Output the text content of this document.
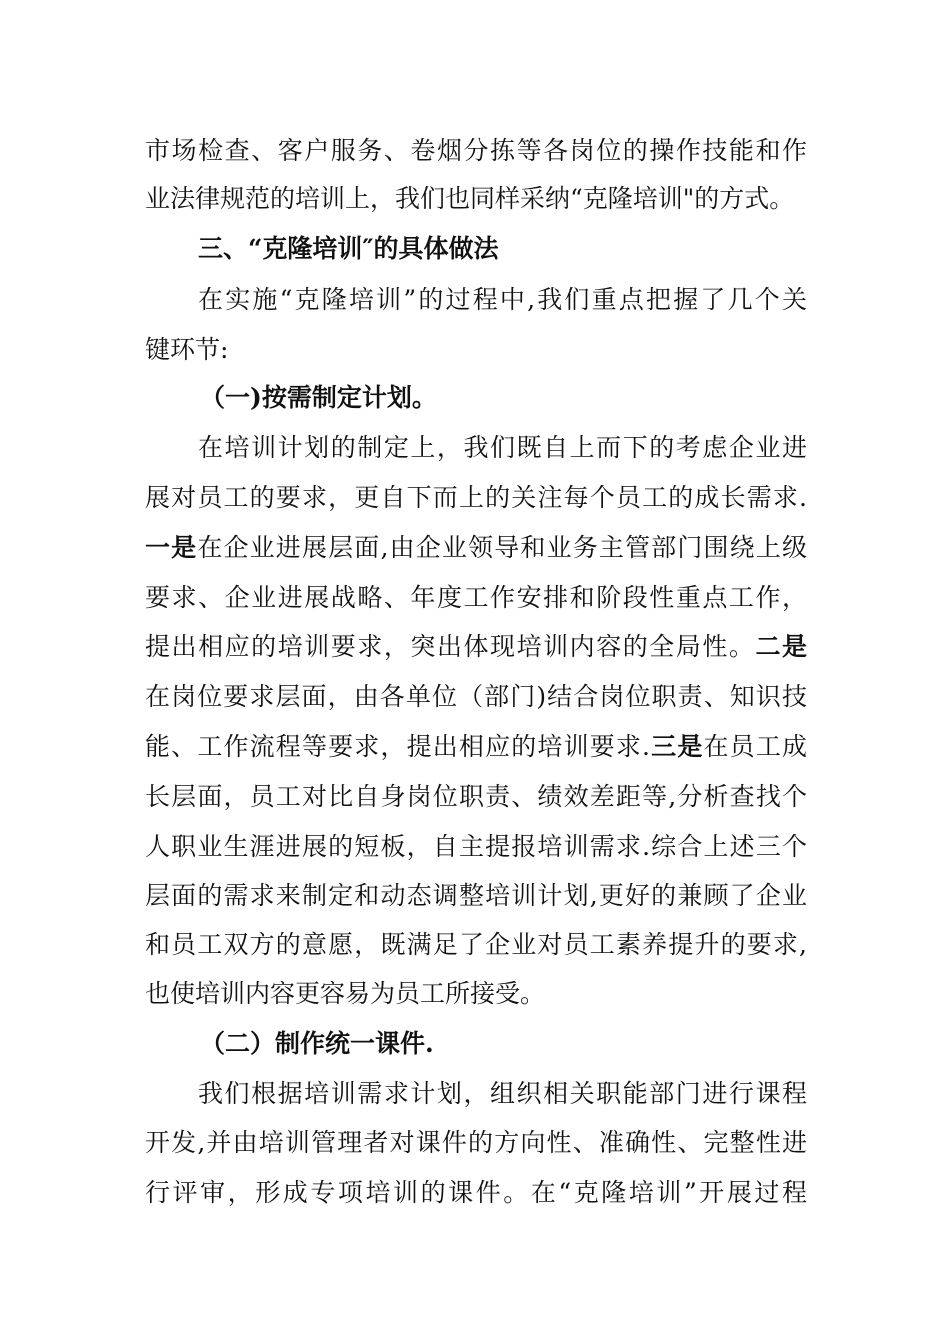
市场检查、客户服务、卷烟分拣等各岗位的操作技能和作
业法律规范的培训上，我们也同样采纳“克隆培训"的方式。
三、“克隆培训″的具体做法
在实施“克隆培训”的过程中,我们重点把握了几个关
键环节:
（一)按需制定计划。
在培训计划的制定上，我们既自上而下的考虑企业进
展对员工的要求，更自下而上的关注每个员工的成长需求.
一是在企业进展层面,由企业领导和业务主管部门围绕上级
要求、企业进展战略、年度工作安排和阶段性重点工作，
提出相应的培训要求，突出体现培训内容的全局性。二是
在岗位要求层面，由各单位（部门)结合岗位职责、知识技
能、工作流程等要求，提出相应的培训要求.三是在员工成
长层面，员工对比自身岗位职责、绩效差距等,分析查找个
人职业生涯进展的短板，自主提报培训需求.综合上述三个
层面的需求来制定和动态调整培训计划,更好的兼顾了企业
和员工双方的意愿，既满足了企业对员工素养提升的要求,
也使培训内容更容易为员工所接受。
（二）制作统一课件.
我们根据培训需求计划，组织相关职能部门进行课程
开发,并由培训管理者对课件的方向性、准确性、完整性进
行评审，形成专项培训的课件。在“克隆培训”开展过程
